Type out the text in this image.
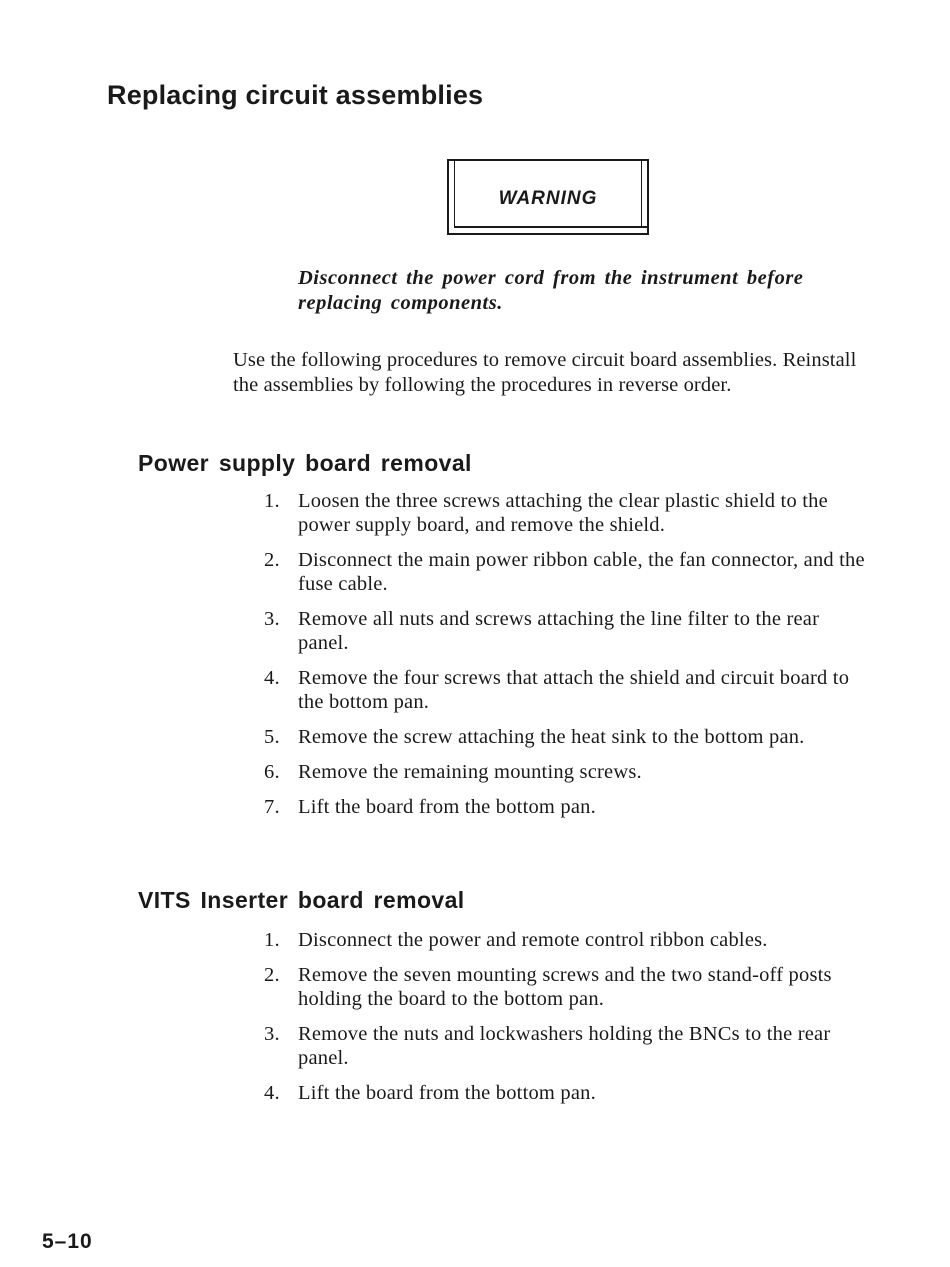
Replacing circuit assemblies
WARNING

Disconnect the power cord from the instrument before replacing components.

Use the following procedures to remove circuit board assemblies. Reinstall the assemblies by following the procedures in reverse order.

Power supply board removal
1. Loosen the three screws attaching the clear plastic shield to the power supply board, and remove the shield.
2. Disconnect the main power ribbon cable, the fan connector, and the fuse cable.
3. Remove all nuts and screws attaching the line filter to the rear panel.
4. Remove the four screws that attach the shield and circuit board to the bottom pan.
5. Remove the screw attaching the heat sink to the bottom pan.
6. Remove the remaining mounting screws.
7. Lift the board from the bottom pan.
VITS Inserter board removal
1. Disconnect the power and remote control ribbon cables.
2. Remove the seven mounting screws and the two stand-off posts holding the board to the bottom pan.
3. Remove the nuts and lockwashers holding the BNCs to the rear panel.
4. Lift the board from the bottom pan.
5–10
